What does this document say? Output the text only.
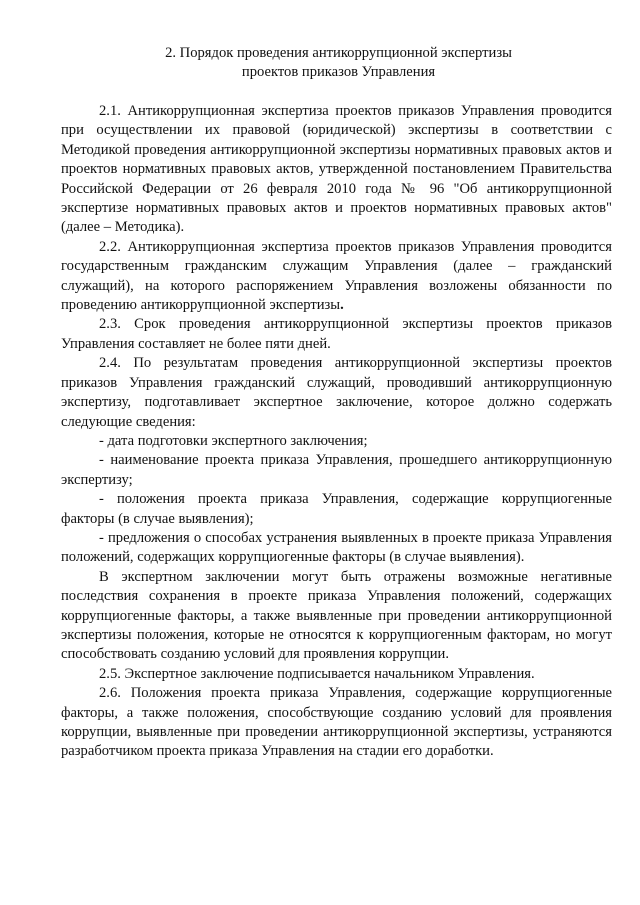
2. Порядок проведения антикоррупционной экспертизы
проектов приказов Управления

2.1. Антикоррупционная экспертиза проектов приказов Управления проводится при осуществлении их правовой (юридической) экспертизы в соответствии с Методикой проведения антикоррупционной экспертизы нормативных правовых актов и проектов нормативных правовых актов, утвержденной постановлением Правительства Российской Федерации от 26 февраля 2010 года № 96 "Об антикоррупционной экспертизе нормативных правовых актов и проектов нормативных правовых актов" (далее – Методика).

2.2. Антикоррупционная экспертиза проектов приказов Управления проводится государственным гражданским служащим Управления (далее – гражданский служащий), на которого распоряжением Управления возложены обязанности по проведению антикоррупционной экспертизы.

2.3. Срок проведения антикоррупционной экспертизы проектов приказов Управления составляет не более пяти дней.

2.4. По результатам проведения антикоррупционной экспертизы проектов приказов Управления гражданский служащий, проводивший антикоррупционную экспертизу, подготавливает экспертное заключение, которое должно содержать следующие сведения:

- дата подготовки экспертного заключения;

- наименование проекта приказа Управления, прошедшего антикоррупционную экспертизу;

- положения проекта приказа Управления, содержащие коррупциогенные факторы (в случае выявления);

- предложения о способах устранения выявленных в проекте приказа Управления положений, содержащих коррупциогенные факторы (в случае выявления).

В экспертном заключении могут быть отражены возможные негативные последствия сохранения в проекте приказа Управления положений, содержащих коррупциогенные факторы, а также выявленные при проведении антикоррупционной экспертизы положения, которые не относятся к коррупциогенным факторам, но могут способствовать созданию условий для проявления коррупции.

2.5. Экспертное заключение подписывается начальником Управления.

2.6. Положения проекта приказа Управления, содержащие коррупциогенные факторы, а также положения, способствующие созданию условий для проявления коррупции, выявленные при проведении антикоррупционной экспертизы, устраняются разработчиком проекта приказа Управления на стадии его доработки.
